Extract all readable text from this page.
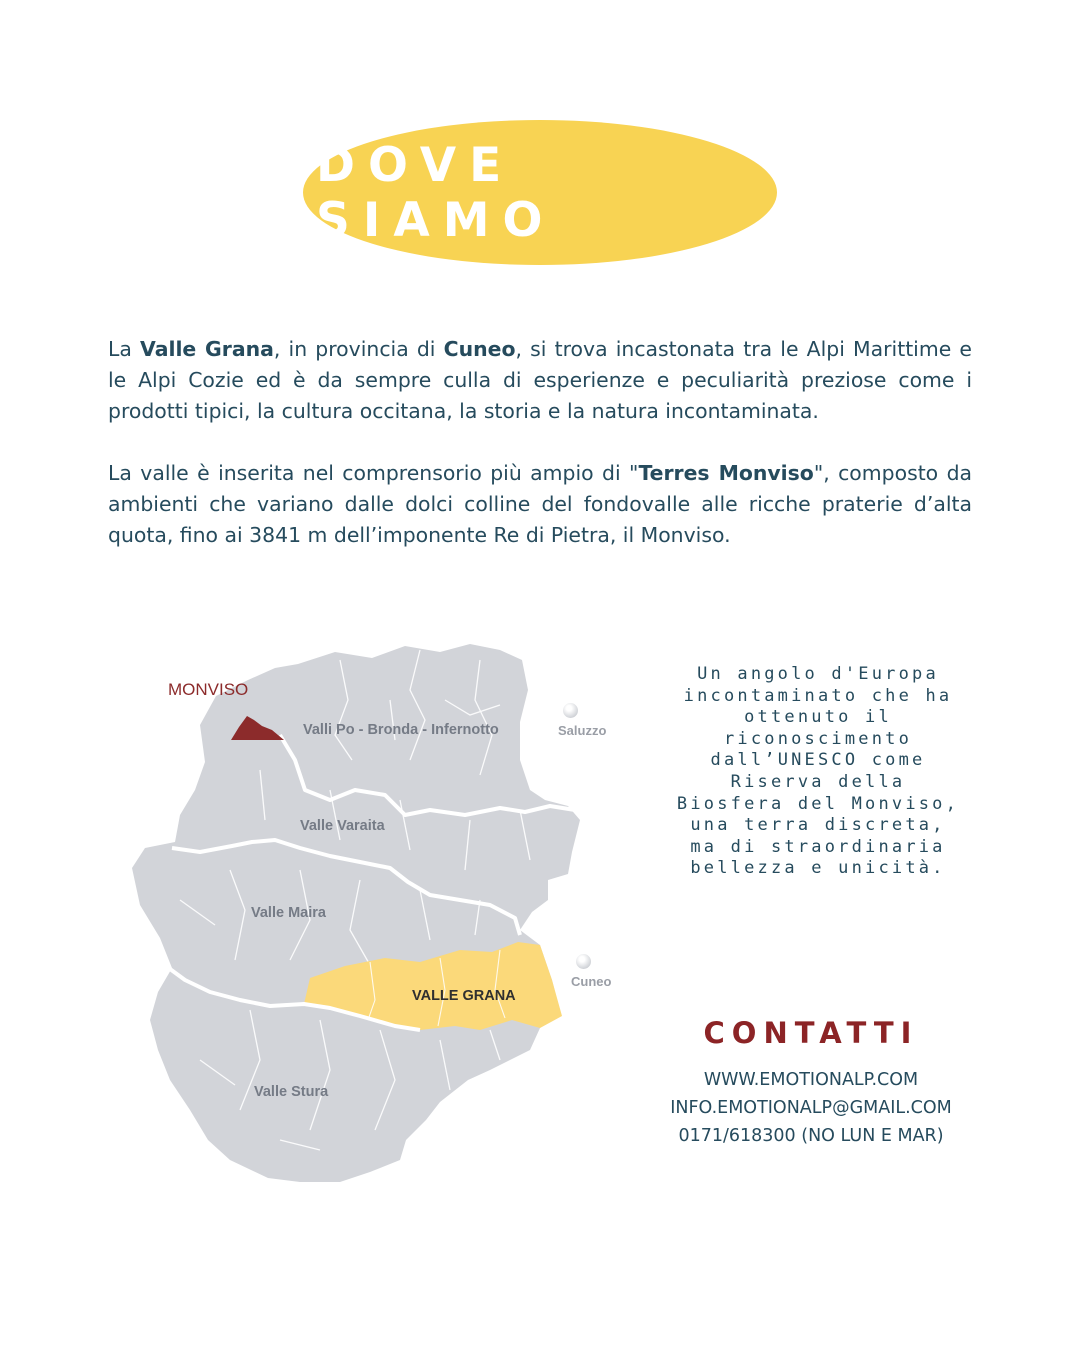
DOVE SIAMO

La Valle Grana, in provincia di Cuneo, si trova incastonata tra le Alpi Marittime e le Alpi Cozie ed è da sempre culla di esperienze e peculiarità preziose come i prodotti tipici, la cultura occitana, la storia e la natura incontaminata.

La valle è inserita nel comprensorio più ampio di "Terres Monviso", composto da ambienti che variano dalle dolci colline del fondovalle alle ricche praterie d’alta quota, fino ai 3841 m dell’imponente Re di Pietra, il Monviso.

MONVISO
Valli Po - Bronda - Infernotto
Valle Varaita
Valle Maira
Valle Stura
VALLE GRANA
Saluzzo
Cuneo
Un angolo d'Europa incontaminato che ha ottenuto il riconoscimento dall’UNESCO come Riserva della Biosfera del Monviso, una terra discreta, ma di straordinaria bellezza e unicità.
CONTATTI
WWW.EMOTIONALP.COM
INFO.EMOTIONALP@GMAIL.COM
0171/618300 (NO LUN E MAR)
